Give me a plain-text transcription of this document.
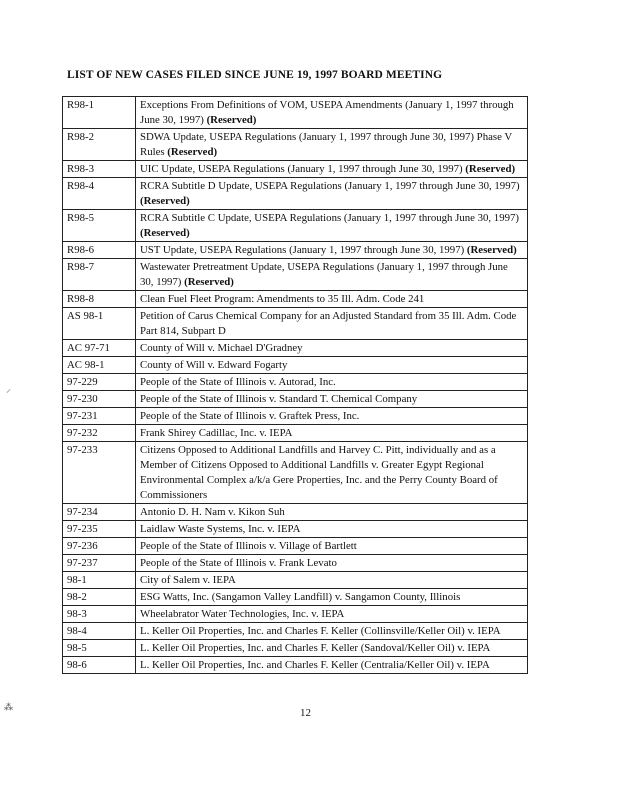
LIST OF NEW CASES FILED SINCE JUNE 19, 1997 BOARD MEETING
R98-1	Exceptions From Definitions of VOM, USEPA Amendments (January 1, 1997 through June 30, 1997) (Reserved)
R98-2	SDWA Update, USEPA Regulations (January 1, 1997 through June 30, 1997) Phase V Rules (Reserved)
R98-3	UIC Update, USEPA Regulations (January 1, 1997 through June 30, 1997) (Reserved)
R98-4	RCRA Subtitle D Update, USEPA Regulations (January 1, 1997 through June 30, 1997) (Reserved)
R98-5	RCRA Subtitle C Update, USEPA Regulations (January 1, 1997 through June 30, 1997) (Reserved)
R98-6	UST Update, USEPA Regulations (January 1, 1997 through June 30, 1997) (Reserved)
R98-7	Wastewater Pretreatment Update, USEPA Regulations (January 1, 1997 through June 30, 1997) (Reserved)
R98-8	Clean Fuel Fleet Program: Amendments to 35 Ill. Adm. Code 241
AS 98-1	Petition of Carus Chemical Company for an Adjusted Standard from 35 Ill. Adm. Code Part 814, Subpart D
AC 97-71	County of Will v. Michael D'Gradney
AC 98-1	County of Will v. Edward Fogarty
97-229	People of the State of Illinois v. Autorad, Inc.
97-230	People of the State of Illinois v. Standard T. Chemical Company
97-231	People of the State of Illinois v. Graftek Press, Inc.
97-232	Frank Shirey Cadillac, Inc. v. IEPA
97-233	Citizens Opposed to Additional Landfills and Harvey C. Pitt, individually and as a Member of Citizens Opposed to Additional Landfills v. Greater Egypt Regional Environmental Complex a/k/a Gere Properties, Inc. and the Perry County Board of Commissioners
97-234	Antonio D. H. Nam v. Kikon Suh
97-235	Laidlaw Waste Systems, Inc. v. IEPA
97-236	People of the State of Illinois v. Village of Bartlett
97-237	People of the State of Illinois v. Frank Levato
98-1	City of Salem v. IEPA
98-2	ESG Watts, Inc. (Sangamon Valley Landfill) v. Sangamon County, Illinois
98-3	Wheelabrator Water Technologies, Inc. v. IEPA
98-4	L. Keller Oil Properties, Inc. and Charles F. Keller (Collinsville/Keller Oil) v. IEPA
98-5	L. Keller Oil Properties, Inc. and Charles F. Keller (Sandoval/Keller Oil) v. IEPA
98-6	L. Keller Oil Properties, Inc. and Charles F. Keller (Centralia/Keller Oil) v. IEPA
12
⸝
⁂
